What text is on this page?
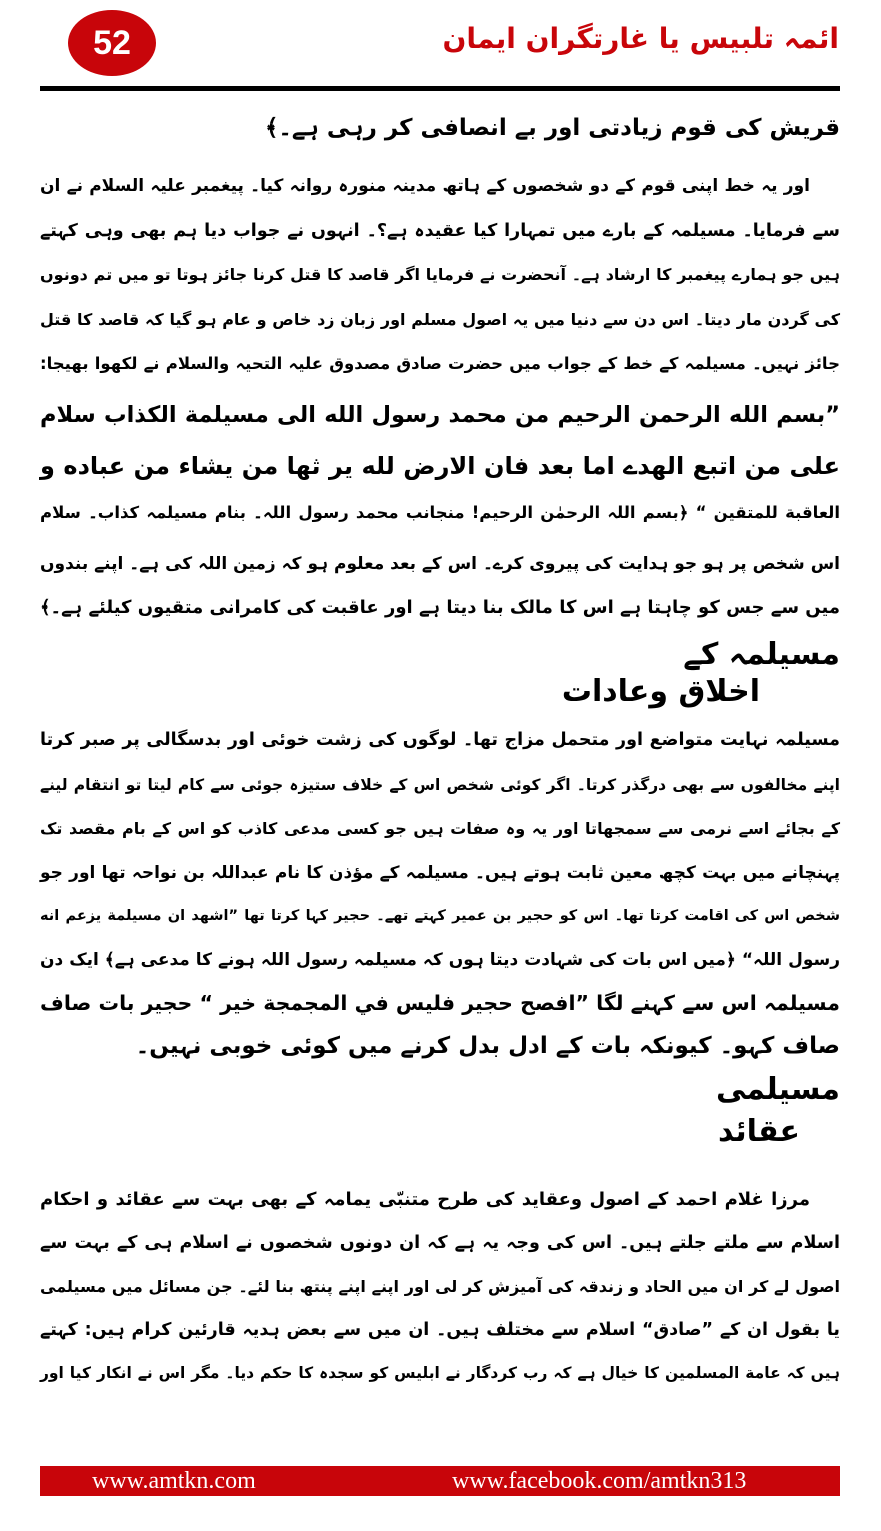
52	ائمہ تلبیس یا غارتگران ایمان
قریش کی قوم زیادتی اور بے انصافی کر رہی ہے۔﴾
اور یہ خط اپنی قوم کے دو شخصوں کے ہاتھ مدینہ منورہ روانہ کیا۔ پیغمبر علیہ السلام نے ان
سے فرمایا۔ مسیلمہ کے بارے میں تمہارا کیا عقیدہ ہے؟۔ انہوں نے جواب دیا ہم بھی وہی کہتے
ہیں جو ہمارے پیغمبر کا ارشاد ہے۔ آنحضرت نے فرمایا اگر قاصد کا قتل کرنا جائز ہوتا تو میں تم دونوں
کی گردن مار دیتا۔ اس دن سے دنیا میں یہ اصول مسلم اور زبان زد خاص و عام ہو گیا کہ قاصد کا قتل
جائز نہیں۔ مسیلمہ کے خط کے جواب میں حضرت صادق مصدوق علیہ التحیہ والسلام نے لکھوا بھیجا:
”بسم الله الرحمن الرحيم من محمد رسول الله الى مسيلمة الكذاب سلام
على من اتبع الهدے اما بعد فان الارض لله ير ثها من يشاء من عباده و
العاقبة للمتقين “ ﴿بسم اللہ الرحمٰن الرحیم! منجانب محمد رسول اللہ۔ بنام مسیلمہ کذاب۔ سلام
اس شخص پر ہو جو ہدایت کی پیروی کرے۔ اس کے بعد معلوم ہو کہ زمین اللہ کی ہے۔ اپنے بندوں
میں سے جس کو چاہتا ہے اس کا مالک بنا دیتا ہے اور عاقبت کی کامرانی متقیوں کیلئے ہے۔﴾
مسیلمہ کے
اخلاق وعادات
مسیلمہ نہایت متواضع اور متحمل مزاج تھا۔ لوگوں کی زشت خوئی اور بدسگالی پر صبر کرتا
اپنے مخالفوں سے بھی درگذر کرتا۔ اگر کوئی شخص اس کے خلاف ستیزہ جوئی سے کام لیتا تو انتقام لینے
کے بجائے اسے نرمی سے سمجھاتا اور یہ وہ صفات ہیں جو کسی مدعی کاذب کو اس کے بام مقصد تک
پہنچانے میں بہت کچھ معین ثابت ہوتے ہیں۔ مسیلمہ کے مؤذن کا نام عبداللہ بن نواحہ تھا اور جو
شخص اس کی اقامت کرتا تھا۔ اس کو حجیر بن عمیر کہتے تھے۔ حجیر کہا کرتا تھا ”اشھد ان مسیلمة یزعم انه
رسول اللہ“ ﴿میں اس بات کی شہادت دیتا ہوں کہ مسیلمہ رسول اللہ ہونے کا مدعی ہے﴾ ایک دن
مسیلمہ اس سے کہنے لگا ”افصح حجير فليس في المجمجة خير “ حجیر بات صاف
صاف کہو۔ کیونکہ بات کے ادل بدل کرنے میں کوئی خوبی نہیں۔
مسیلمی
عقائد
مرزا غلام احمد کے اصول وعقاید کی طرح متنبّی یمامہ کے بھی بہت سے عقائد و احکام
اسلام سے ملتے جلتے ہیں۔ اس کی وجہ یہ ہے کہ ان دونوں شخصوں نے اسلام ہی کے بہت سے
اصول لے کر ان میں الحاد و زندقہ کی آمیزش کر لی اور اپنے اپنے پنتھ بنا لئے۔ جن مسائل میں مسیلمی
یا بقول ان کے ”صادق“ اسلام سے مختلف ہیں۔ ان میں سے بعض ہدیہ قارئین کرام ہیں: کہتے
ہیں کہ عامة المسلمین کا خیال ہے کہ رب کردگار نے ابلیس کو سجدہ کا حکم دیا۔ مگر اس نے انکار کیا اور
www.amtkn.com	www.facebook.com/amtkn313
